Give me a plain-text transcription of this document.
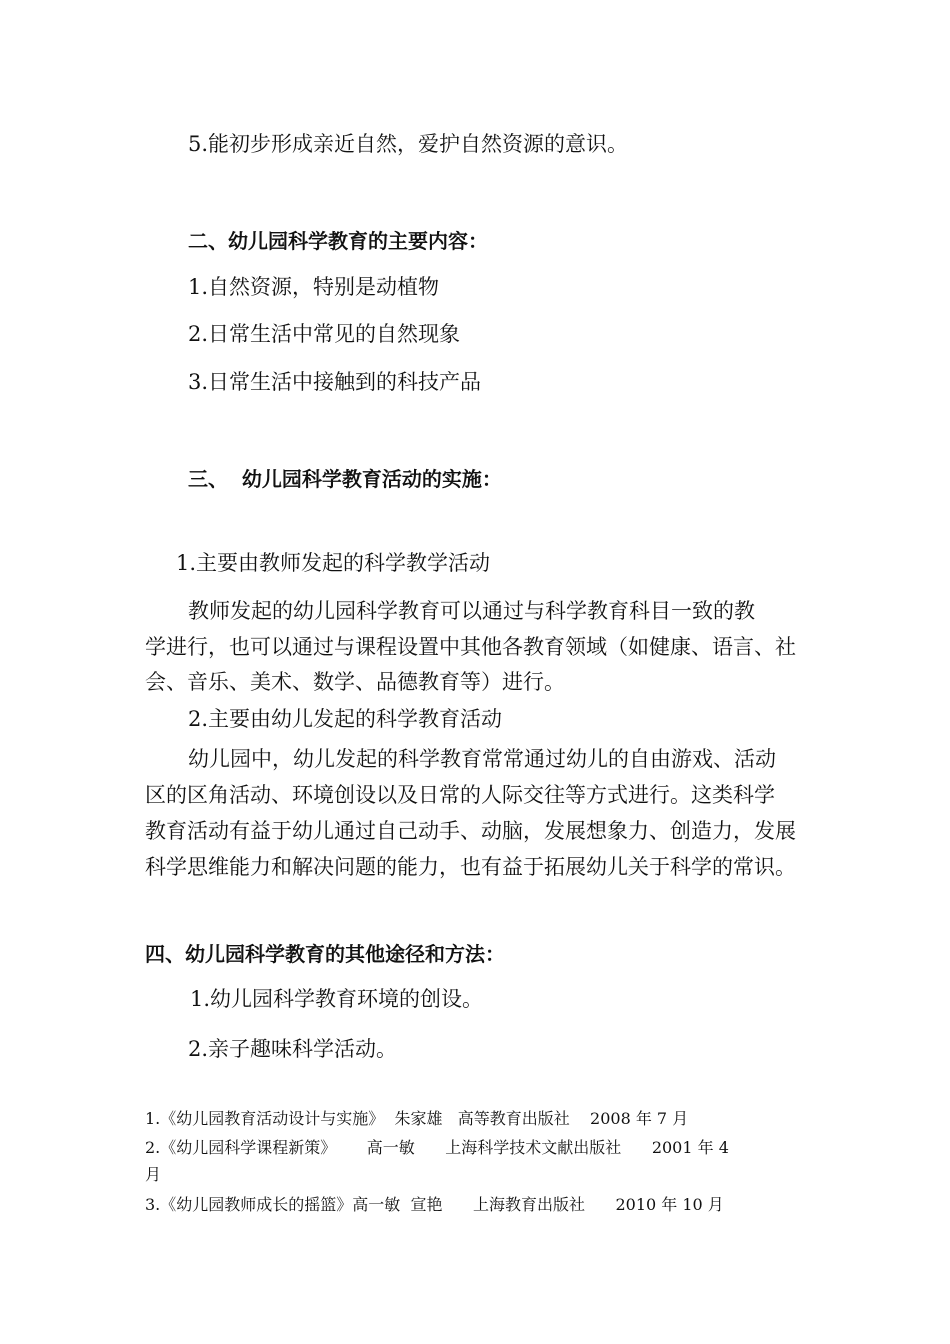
5.能初步形成亲近自然，爱护自然资源的意识。
二、幼儿园科学教育的主要内容：
1.自然资源，特别是动植物
2.日常生活中常见的自然现象
3.日常生活中接触到的科技产品
三、  幼儿园科学教育活动的实施：
1.主要由教师发起的科学教学活动
教师发起的幼儿园科学教育可以通过与科学教育科目一致的教
学进行，也可以通过与课程设置中其他各教育领域（如健康、语言、社
会、音乐、美术、数学、品德教育等）进行。
2.主要由幼儿发起的科学教育活动
幼儿园中，幼儿发起的科学教育常常通过幼儿的自由游戏、活动
区的区角活动、环境创设以及日常的人际交往等方式进行。这类科学
教育活动有益于幼儿通过自己动手、动脑，发展想象力、创造力，发展
科学思维能力和解决问题的能力，也有益于拓展幼儿关于科学的常识。
四、幼儿园科学教育的其他途径和方法：
1.幼儿园科学教育环境的创设。
2.亲子趣味科学活动。
1.《幼儿园教育活动设计与实施》  朱家雄   高等教育出版社    2008 年 7 月
2.《幼儿园科学课程新策》      高一敏      上海科学技术文献出版社      2001 年 4
月
3.《幼儿园教师成长的摇篮》高一敏  宣艳      上海教育出版社      2010 年 10 月
